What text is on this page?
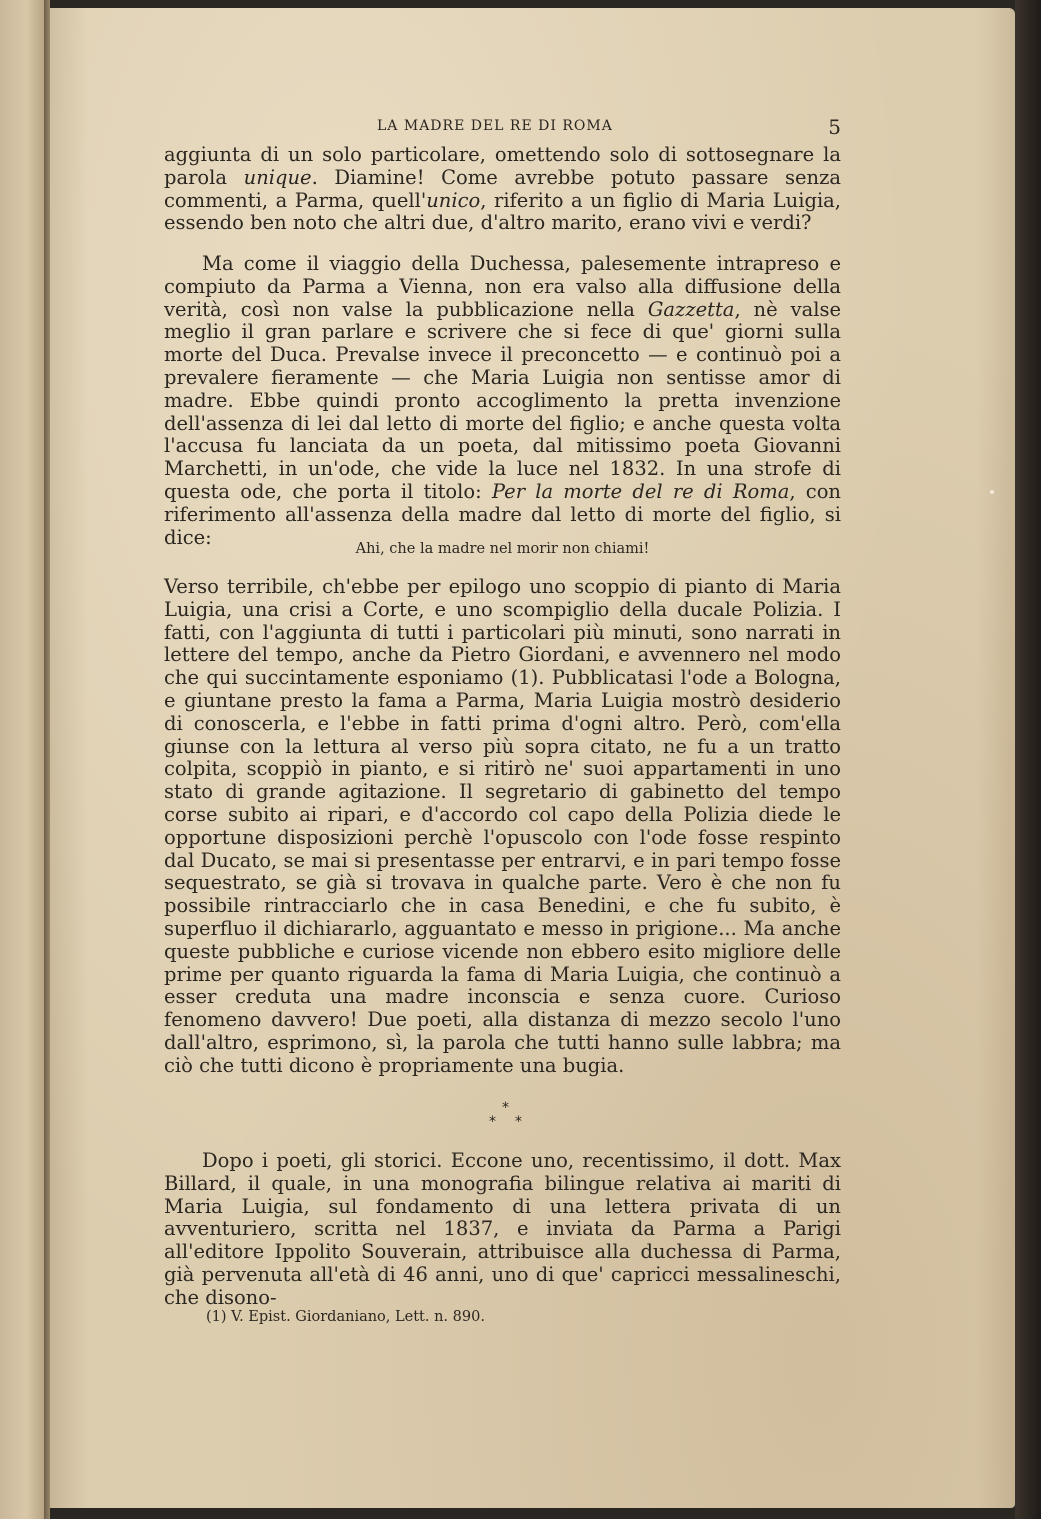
LA MADRE DEL RE DI ROMA	5

aggiunta di un solo particolare, omettendo solo di sottosegnare la parola unique. Diamine! Come avrebbe potuto passare senza commenti, a Parma, quell'unico, riferito a un figlio di Maria Luigia, essendo ben noto che altri due, d'altro marito, erano vivi e verdi?

Ma come il viaggio della Duchessa, palesemente intrapreso e compiuto da Parma a Vienna, non era valso alla diffusione della verità, così non valse la pubblicazione nella Gazzetta, nè valse meglio il gran parlare e scrivere che si fece di que' giorni sulla morte del Duca. Prevalse invece il preconcetto — e continuò poi a prevalere fieramente — che Maria Luigia non sentisse amor di madre. Ebbe quindi pronto accoglimento la pretta invenzione dell'assenza di lei dal letto di morte del figlio; e anche questa volta l'accusa fu lanciata da un poeta, dal mitissimo poeta Giovanni Marchetti, in un'ode, che vide la luce nel 1832. In una strofe di questa ode, che porta il titolo: Per la morte del re di Roma, con riferimento all'assenza della madre dal letto di morte del figlio, si dice:

Ahi, che la madre nel morir non chiami!

Verso terribile, ch'ebbe per epilogo uno scoppio di pianto di Maria Luigia, una crisi a Corte, e uno scompiglio della ducale Polizia. I fatti, con l'aggiunta di tutti i particolari più minuti, sono narrati in lettere del tempo, anche da Pietro Giordani, e avvennero nel modo che qui succintamente esponiamo (1). Pubblicatasi l'ode a Bologna, e giuntane presto la fama a Parma, Maria Luigia mostrò desiderio di conoscerla, e l'ebbe in fatti prima d'ogni altro. Però, com'ella giunse con la lettura al verso più sopra citato, ne fu a un tratto colpita, scoppiò in pianto, e si ritirò ne' suoi appartamenti in uno stato di grande agitazione. Il segretario di gabinetto del tempo corse subito ai ripari, e d'accordo col capo della Polizia diede le opportune disposizioni perchè l'opuscolo con l'ode fosse respinto dal Ducato, se mai si presentasse per entrarvi, e in pari tempo fosse sequestrato, se già si trovava in qualche parte. Vero è che non fu possibile rintracciarlo che in casa Benedini, e che fu subito, è superfluo il dichiararlo, agguantato e messo in prigione... Ma anche queste pubbliche e curiose vicende non ebbero esito migliore delle prime per quanto riguarda la fama di Maria Luigia, che continuò a esser creduta una madre inconscia e senza cuore. Curioso fenomeno davvero! Due poeti, alla distanza di mezzo secolo l'uno dall'altro, esprimono, sì, la parola che tutti hanno sulle labbra; ma ciò che tutti dicono è propriamente una bugia.

*
* *

Dopo i poeti, gli storici. Eccone uno, recentissimo, il dott. Max Billard, il quale, in una monografia bilingue relativa ai mariti di Maria Luigia, sul fondamento di una lettera privata di un avventuriero, scritta nel 1837, e inviata da Parma a Parigi all'editore Ippolito Souverain, attribuisce alla duchessa di Parma, già pervenuta all'età di 46 anni, uno di que' capricci messalineschi, che disono-

(1) V. Epist. Giordaniano, Lett. n. 890.
